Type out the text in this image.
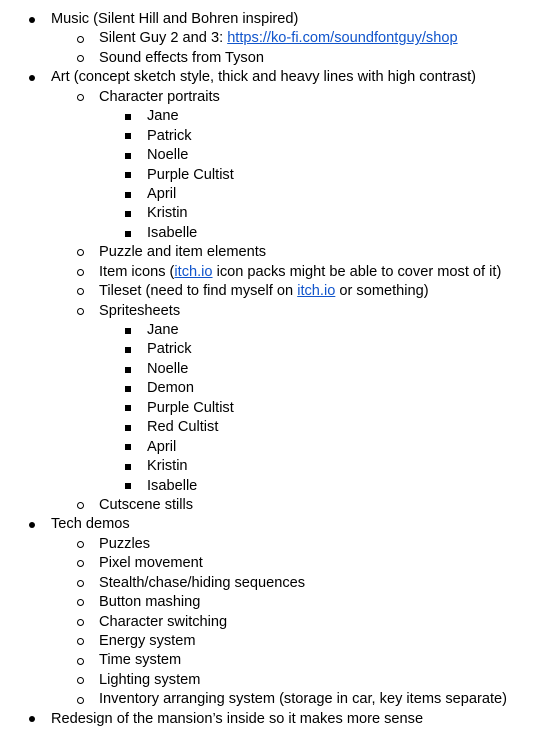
Music (Silent Hill and Bohren inspired)
Silent Guy 2 and 3: https://ko-fi.com/soundfontguy/shop
Sound effects from Tyson
Art (concept sketch style, thick and heavy lines with high contrast)
Character portraits
Jane
Patrick
Noelle
Purple Cultist
April
Kristin
Isabelle
Puzzle and item elements
Item icons (itch.io icon packs might be able to cover most of it)
Tileset (need to find myself on itch.io or something)
Spritesheets
Jane
Patrick
Noelle
Demon
Purple Cultist
Red Cultist
April
Kristin
Isabelle
Cutscene stills
Tech demos
Puzzles
Pixel movement
Stealth/chase/hiding sequences
Button mashing
Character switching
Energy system
Time system
Lighting system
Inventory arranging system (storage in car, key items separate)
Redesign of the mansion’s inside so it makes more sense
